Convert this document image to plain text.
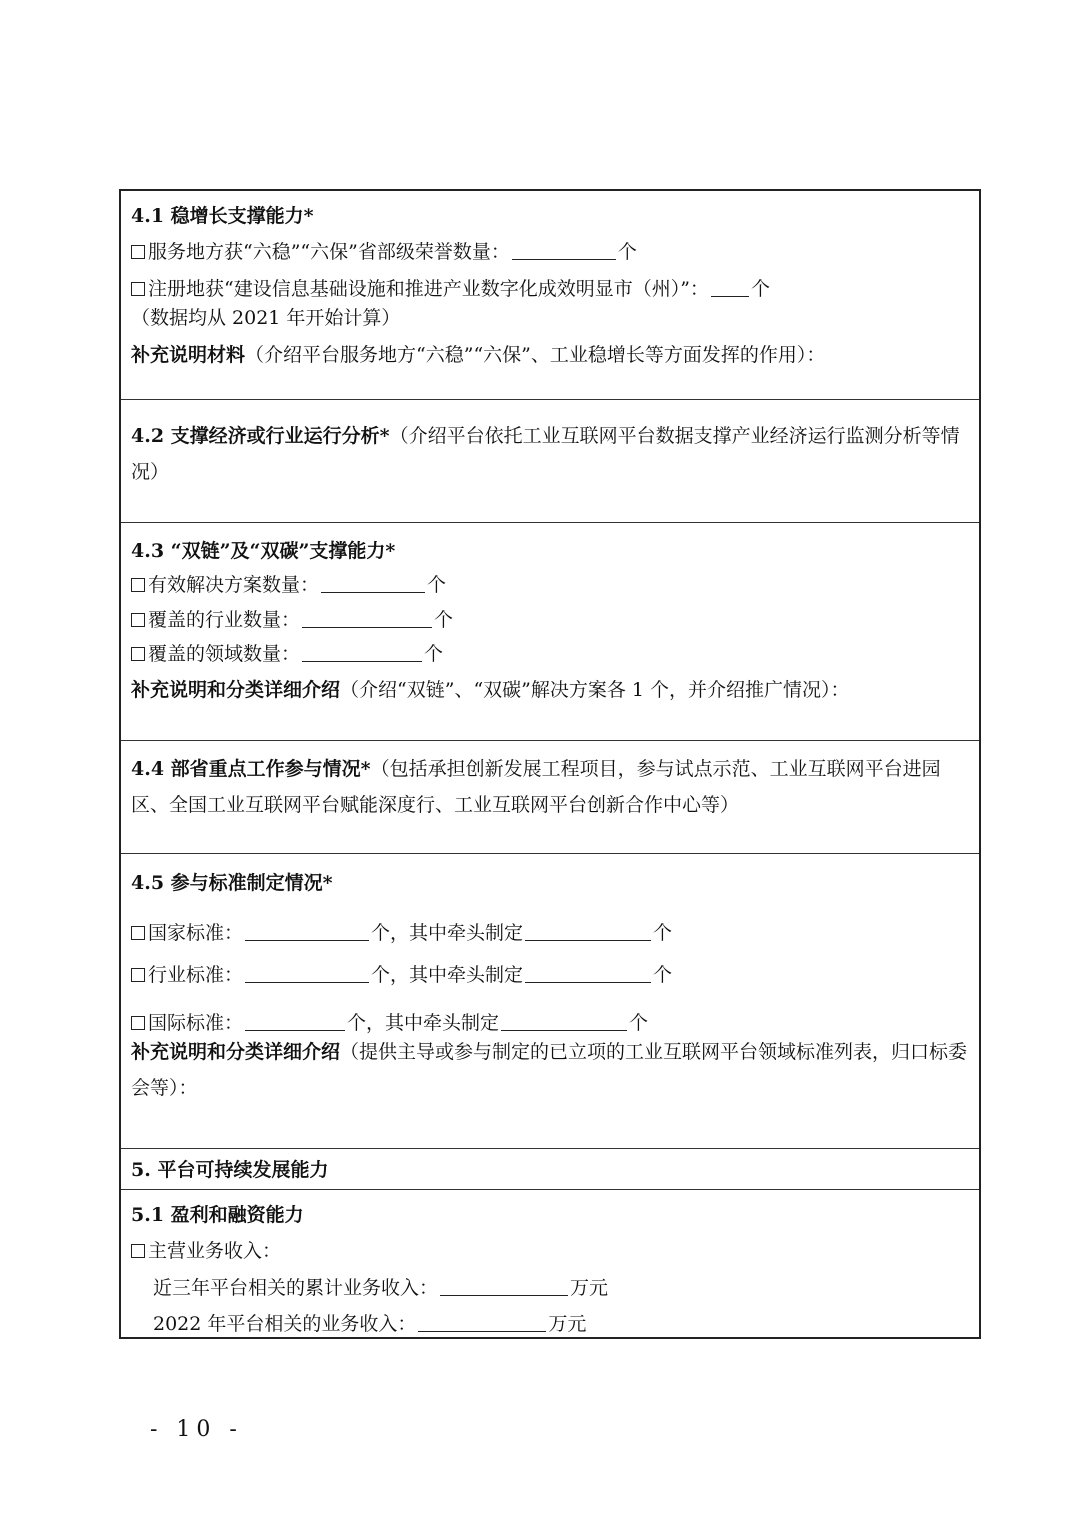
4.1 稳增长支撑能力*
服务地方获“六稳”“六保”省部级荣誉数量：	个
注册地获“建设信息基础设施和推进产业数字化成效明显市（州）”： 个
（数据均从 2021 年开始计算）
补充说明材料（介绍平台服务地方“六稳”“六保”、工业稳增长等方面发挥的作用）：
4.2 支撑经济或行业运行分析*（介绍平台依托工业互联网平台数据支撑产业经济运行监测分析等情况）
4.3 “双链”及“双碳”支撑能力*
有效解决方案数量：	个
覆盖的行业数量：	个
覆盖的领域数量：	个
补充说明和分类详细介绍（介绍“双链”、“双碳”解决方案各 1 个，并介绍推广情况）：
4.4 部省重点工作参与情况*（包括承担创新发展工程项目，参与试点示范、工业互联网平台进园区、全国工业互联网平台赋能深度行、工业互联网平台创新合作中心等）
4.5 参与标准制定情况*
国家标准：	个，其中牵头制定	个
行业标准：	个，其中牵头制定	个
国际标准：	个，其中牵头制定	个
补充说明和分类详细介绍（提供主导或参与制定的已立项的工业互联网平台领域标准列表，归口标委会等）：
5. 平台可持续发展能力
5.1 盈利和融资能力
主营业务收入：
近三年平台相关的累计业务收入：	万元
2022 年平台相关的业务收入：	万元
- 10 -
